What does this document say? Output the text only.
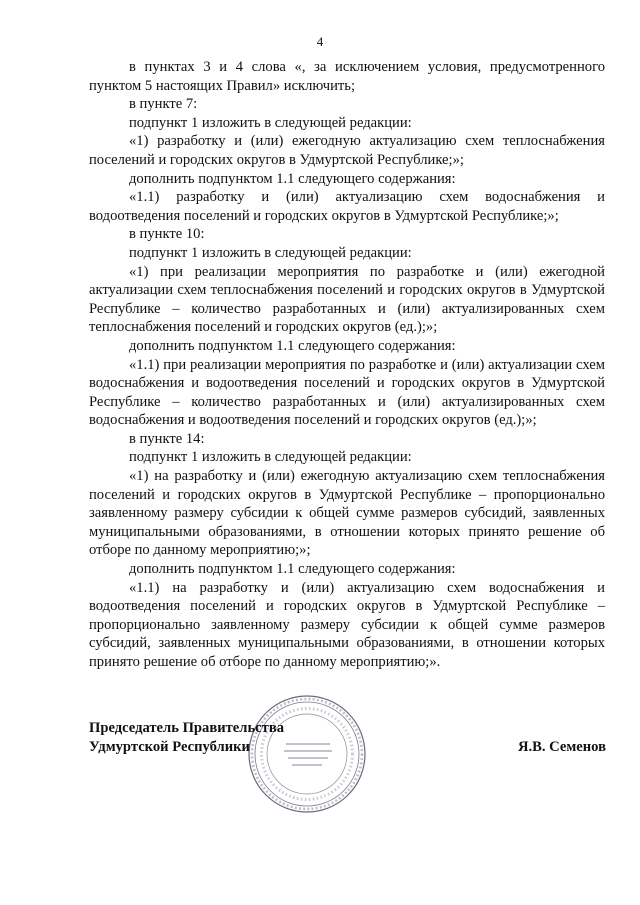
4

в пунктах 3 и 4 слова «, за исключением условия, предусмотренного пунктом 5 настоящих Правил» исключить;

в пункте 7:

подпункт 1 изложить в следующей редакции:

«1) разработку и (или) ежегодную актуализацию схем теплоснабжения поселений и городских округов в Удмуртской Республике;»;

дополнить подпунктом 1.1 следующего содержания:

«1.1) разработку и (или) актуализацию схем водоснабжения и водоотведения поселений и городских округов в Удмуртской Республике;»;

в пункте 10:

подпункт 1 изложить в следующей редакции:

«1) при реализации мероприятия по разработке и (или) ежегодной актуализации схем теплоснабжения поселений и городских округов в Удмуртской Республике – количество разработанных и (или) актуализированных схем теплоснабжения поселений и городских округов (ед.);»;

дополнить подпунктом 1.1 следующего содержания:

«1.1) при реализации мероприятия по разработке и (или) актуализации схем водоснабжения и водоотведения поселений и городских округов в Удмуртской Республике – количество разработанных и (или) актуализированных схем водоснабжения и водоотведения поселений и городских округов (ед.);»;

в пункте 14:

подпункт 1 изложить в следующей редакции:

«1) на разработку и (или) ежегодную актуализацию схем теплоснабжения поселений и городских округов в Удмуртской Республике – пропорционально заявленному размеру субсидии к общей сумме размеров субсидий, заявленных муниципальными образованиями, в отношении которых принято решение об отборе по данному мероприятию;»;

дополнить подпунктом 1.1 следующего содержания:

«1.1) на разработку и (или) актуализацию схем водоснабжения и водоотведения поселений и городских округов в Удмуртской Республике – пропорционально заявленному размеру субсидии к общей сумме размеров субсидий, заявленных муниципальными образованиями, в отношении которых принято решение об отборе по данному мероприятию;».

Председатель Правительства
Удмуртской Республики	Я.В. Семенов
